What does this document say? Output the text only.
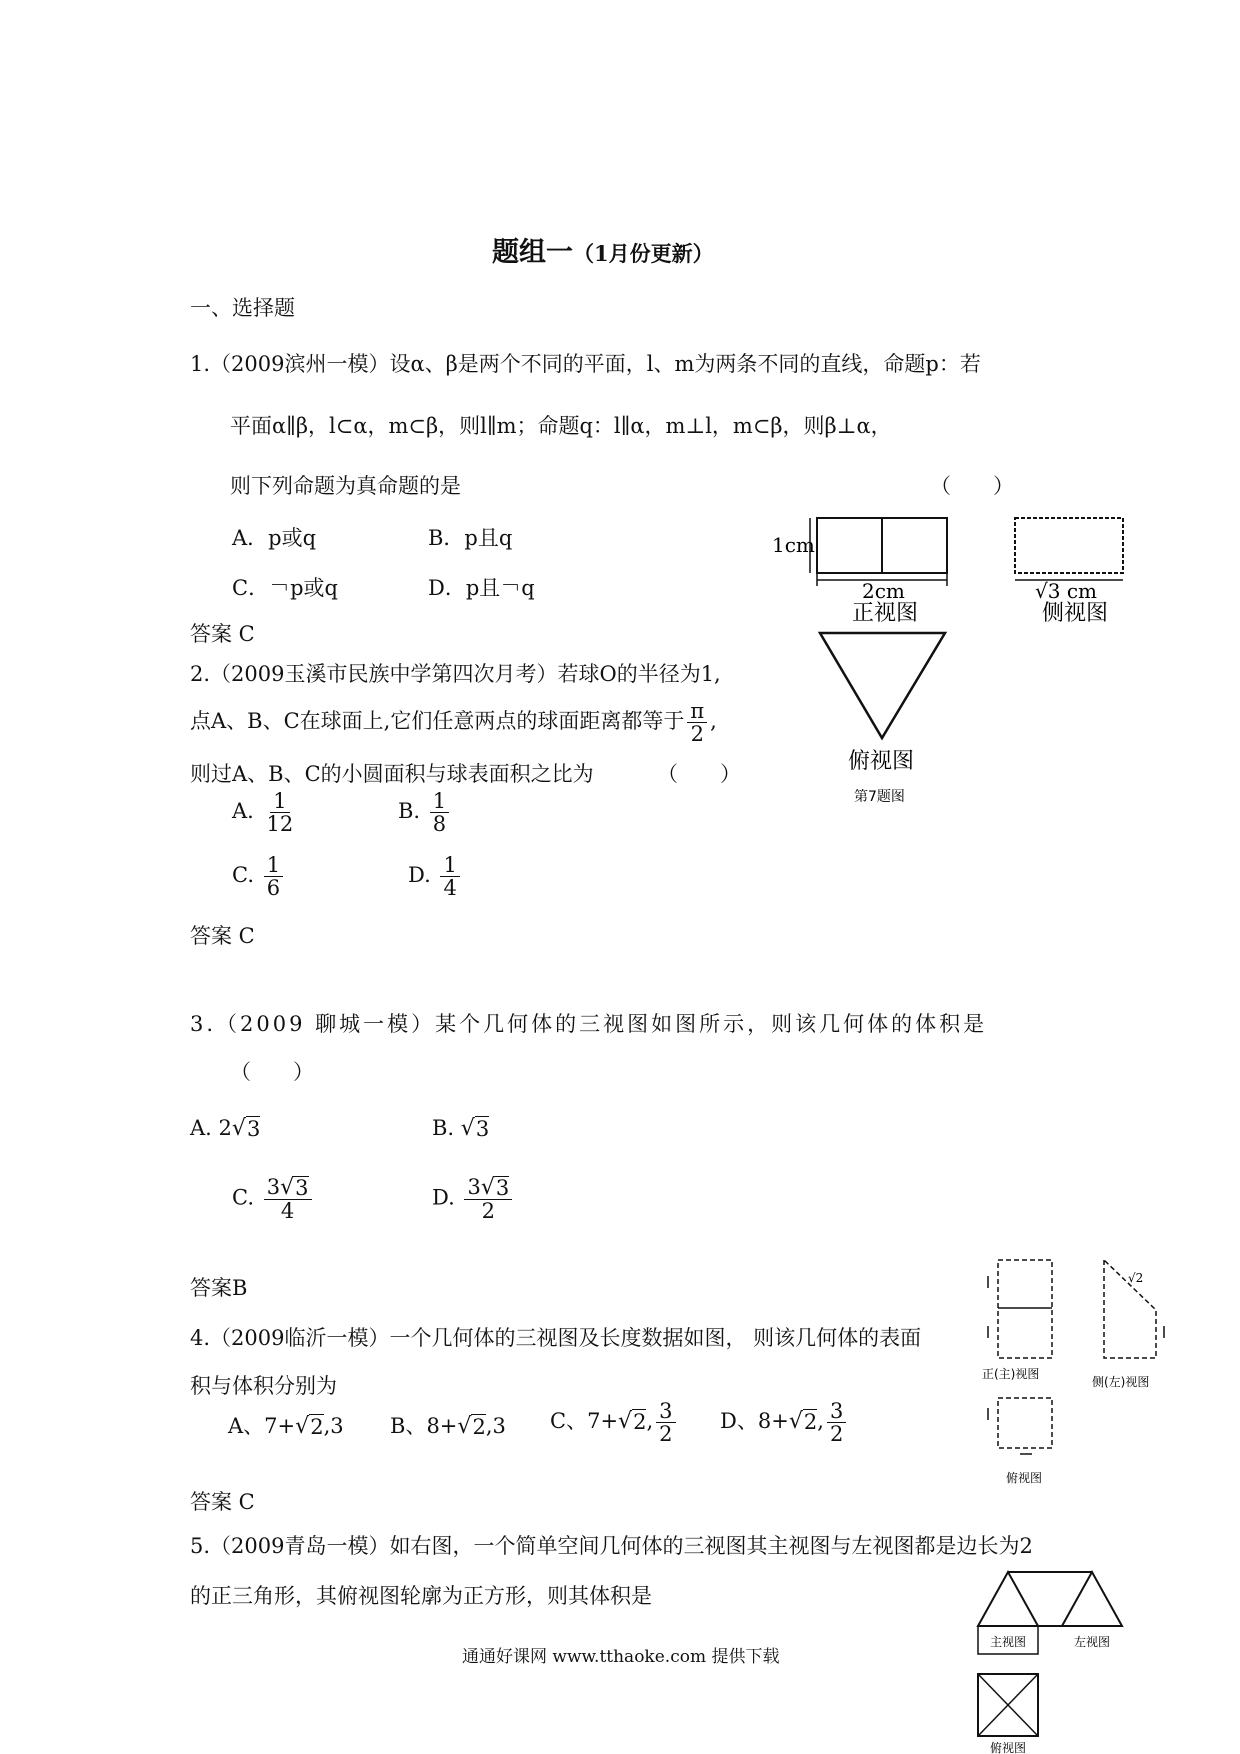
题组一（1月份更新）
一、选择题
1.（2009滨州一模）设α、β是两个不同的平面，l、m为两条不同的直线，命题p：若
平面α∥β，l⊂α，m⊂β，则l∥m；命题q：l∥α，m⊥l，m⊂β，则β⊥α，
则下列命题为真命题的是	（　　）
A．p或q	B．p且q
C．￢p或q	D．p且￢q
答案 C
1cm
2cm
正视图
√3 cm
侧视图
俯视图
第7题图
2.（2009玉溪市民族中学第四次月考）若球O的半径为1,
点A、B、C在球面上,它们任意两点的球面距离都等于 $\frac{\pi}{2}$ ,
则过A、B、C的小圆面积与球表面积之比为	（　　）
A. $\frac{1}{12}$	B. $\frac{1}{8}$
C. $\frac{1}{6}$	D. $\frac{1}{4}$
答案 C
3.（2009 聊城一模）某个几何体的三视图如图所示，则该几何体的体积是
（　　）
A. 2 √ 3	B. √ 3
C. $\frac{3 √ 3}{4}$	D. $\frac{3 √ 3}{2}$
答案B
4.（2009临沂一模）一个几何体的三视图及长度数据如图， 则该几何体的表面
积与体积分别为
A、7+ √ 2 ,3 B、8+ √ 2 ,3 C、7+ √ 2 , $\frac{3}{2}$ D、8+ √ 2 , $\frac{3}{2}$
答案 C
正(主)视图
√2
侧(左)视图
俯视图
5.（2009青岛一模）如右图，一个简单空间几何体的三视图其主视图与左视图都是边长为2
的正三角形，其俯视图轮廓为正方形，则其体积是
主视图	左视图
俯视图
通通好课网 www.tthaoke.com 提供下载
